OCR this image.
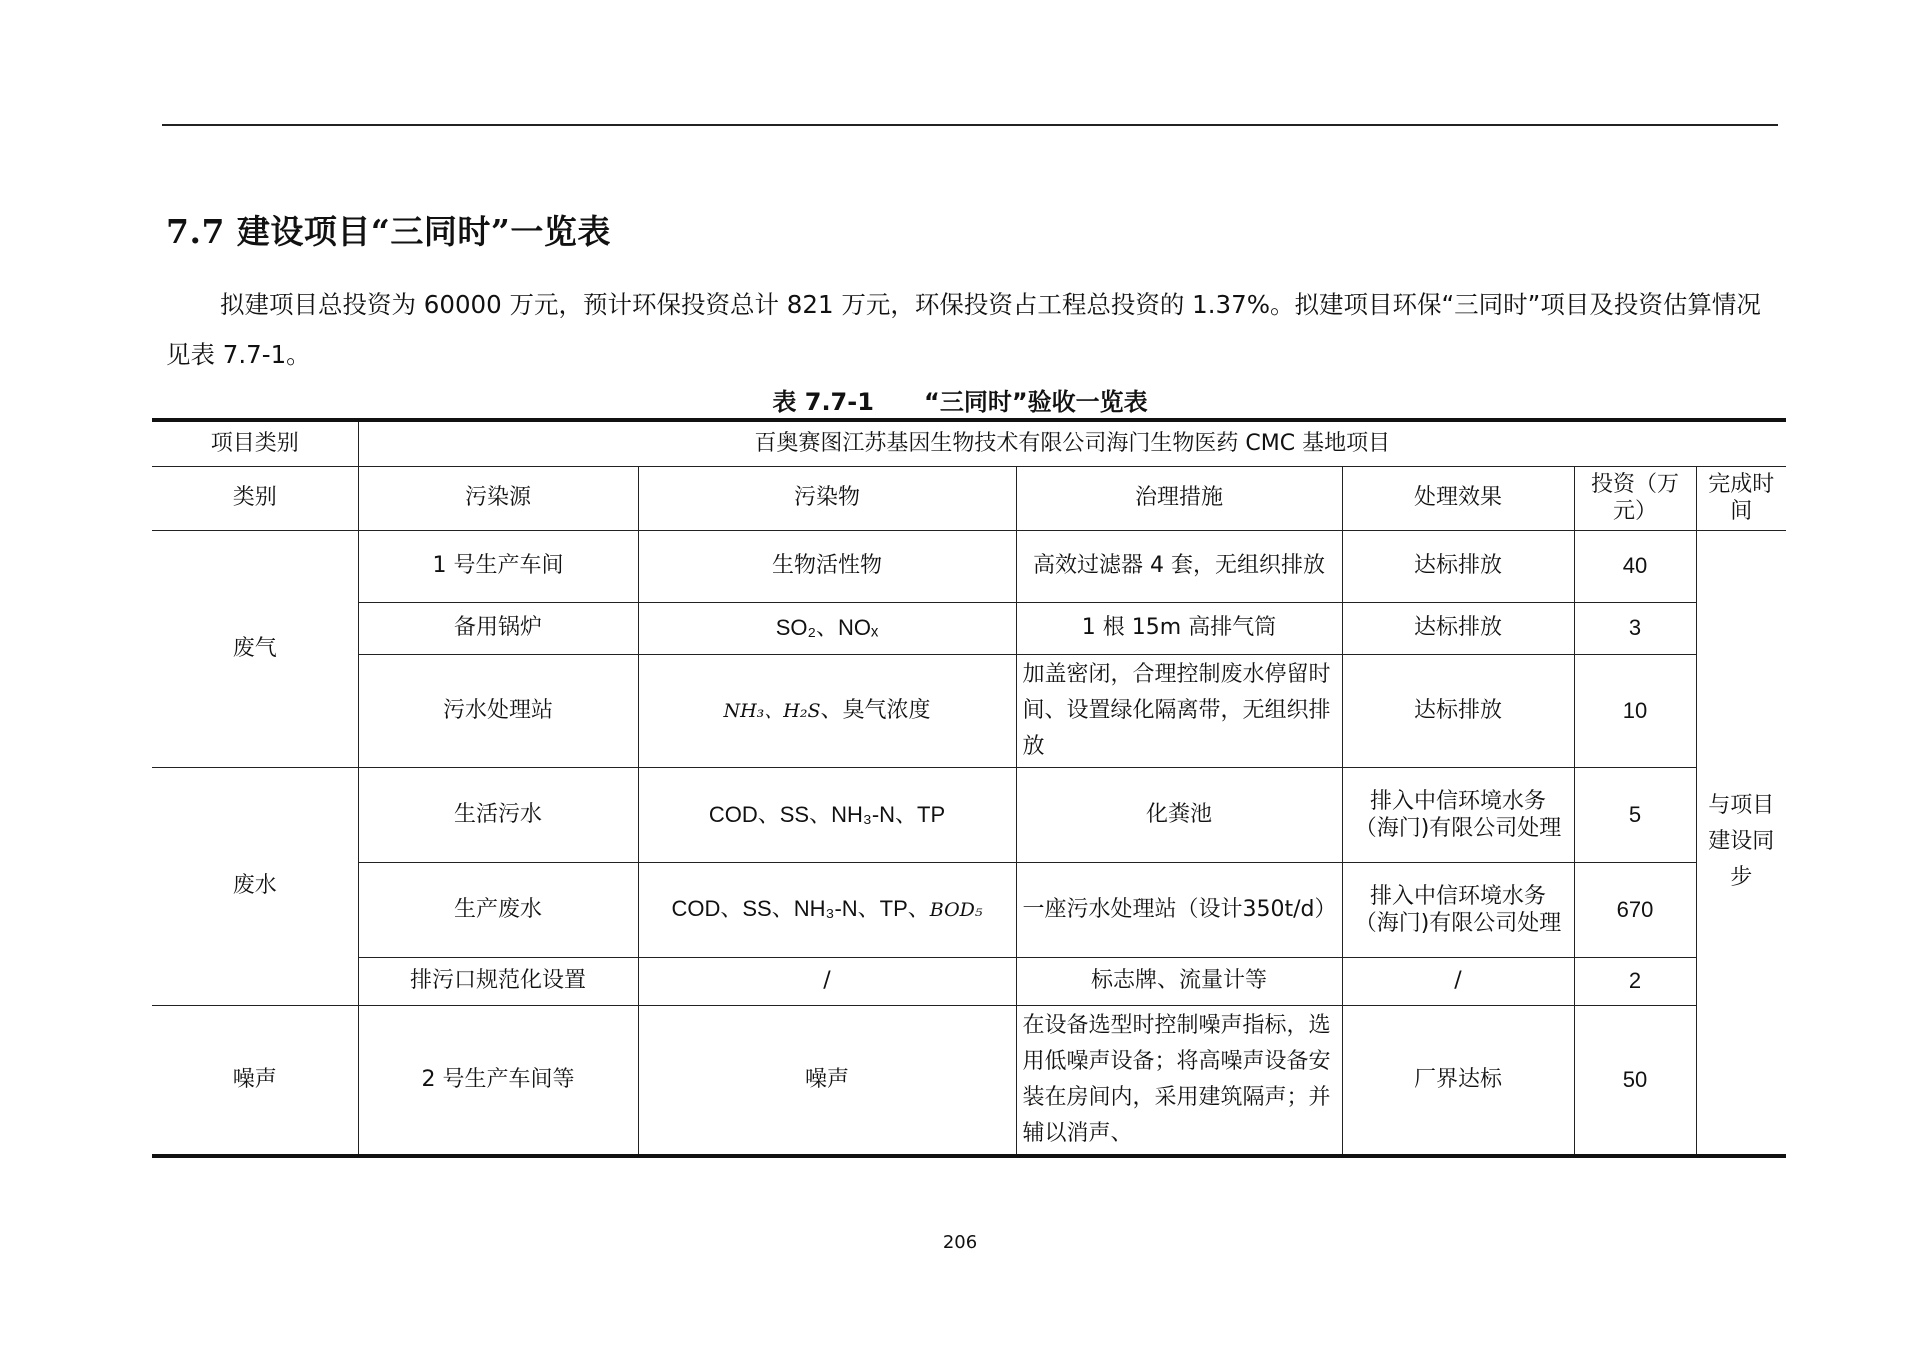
7.7 建设项目“三同时”一览表
拟建项目总投资为 60000 万元，预计环保投资总计 821 万元，环保投资占工程总投资的 1.37%。拟建项目环保“三同时”项目及投资估算情况见表 7.7-1。
表 7.7-1      “三同时”验收一览表
项目类别	百奥赛图江苏基因生物技术有限公司海门生物医药 CMC 基地项目					
类别	污染源	污染物	治理措施	处理效果	投资（万元）	完成时间
废气	1 号生产车间	生物活性物	高效过滤器 4 套，无组织排放	达标排放	40	与项目建设同步
	备用锅炉	SO₂、NOₓ	1 根 15m 高排气筒	达标排放	3	
	污水处理站	NH₃、H₂S、臭气浓度	加盖密闭，合理控制废水停留时间、设置绿化隔离带，无组织排放	达标排放	10	
废水	生活污水	COD、SS、NH₃-N、TP	化粪池	排入中信环境水务（海门)有限公司处理	5	
	生产废水	COD、SS、NH₃-N、TP、BOD₅	一座污水处理站（设计350t/d）	排入中信环境水务（海门)有限公司处理	670	
	排污口规范化设置	/	标志牌、流量计等	/	2	
噪声	2 号生产车间等	噪声	在设备选型时控制噪声指标，选用低噪声设备；将高噪声设备安装在房间内，采用建筑隔声；并辅以消声、	厂界达标	50	
206
